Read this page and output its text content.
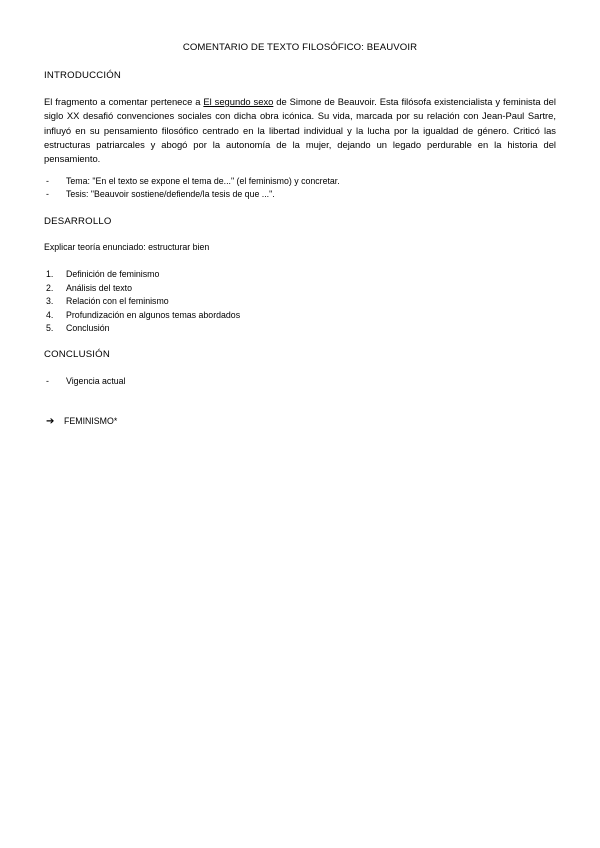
COMENTARIO DE TEXTO FILOSÓFICO: BEAUVOIR
INTRODUCCIÓN
El fragmento a comentar pertenece a El segundo sexo de Simone de Beauvoir. Esta filósofa existencialista y feminista del siglo XX desafió convenciones sociales con dicha obra icónica. Su vida, marcada por su relación con Jean-Paul Sartre, influyó en su pensamiento filosófico centrado en la libertad individual y la lucha por la igualdad de género. Criticó las estructuras patriarcales y abogó por la autonomía de la mujer, dejando un legado perdurable en la historia del pensamiento.
- Tema: "En el texto se expone el tema de..." (el feminismo) y concretar.
- Tesis: "Beauvoir sostiene/defiende/la tesis de que ...".
DESARROLLO
Explicar teoría enunciado: estructurar bien
1. Definición de feminismo
2. Análisis del texto
3. Relación con el feminismo
4. Profundización en algunos temas abordados
5. Conclusión
CONCLUSIÓN
- Vigencia actual
➔ FEMINISMO*
